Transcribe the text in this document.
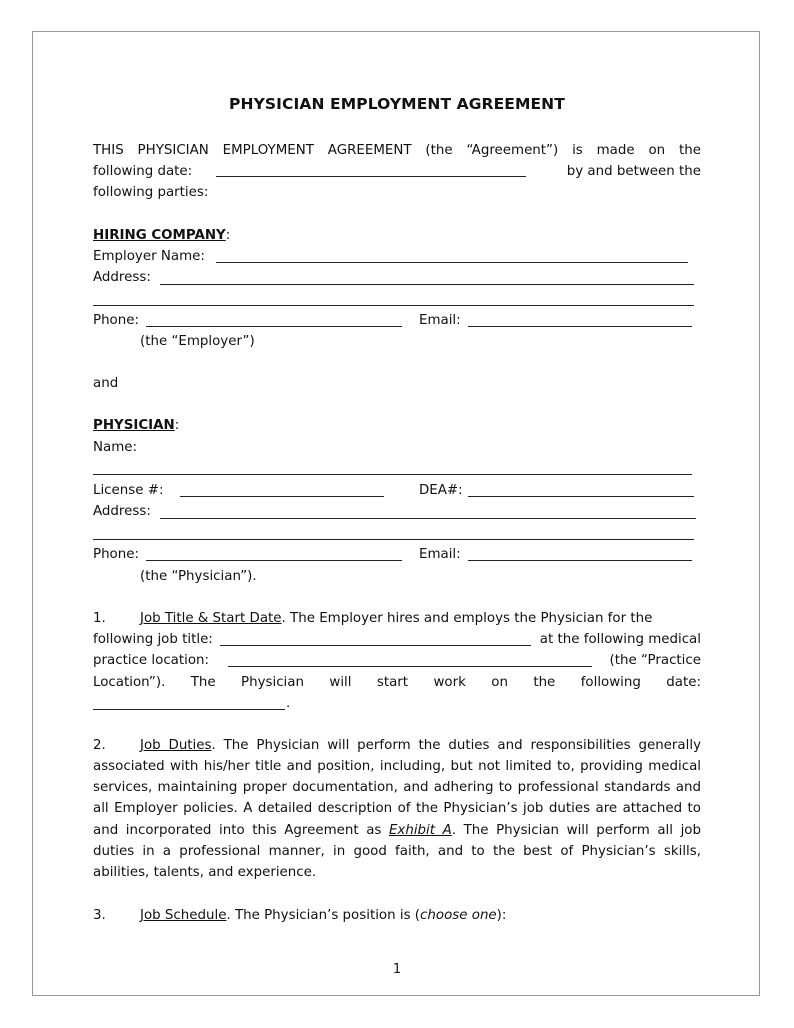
PHYSICIAN EMPLOYMENT AGREEMENT
THIS PHYSICIAN EMPLOYMENT AGREEMENT (the “Agreement”) is made on the
following date:	by and between the
following parties:
HIRING COMPANY:
Employer Name:
Address:
Phone:	Email:
(the “Employer”)
and
PHYSICIAN:
Name:
License #:	DEA#:
Address:
Phone:	Email:
(the “Physician”).
1.	Job Title & Start Date. The Employer hires and employs the Physician for the
following job title:	at the following medical
practice location:	(the “Practice
Location”). The Physician will start work on the following date:
.
2.	Job Duties. The Physician will perform the duties and responsibilities generally
associated with his/her title and position, including, but not limited to, providing medical
services, maintaining proper documentation, and adhering to professional standards and
all Employer policies. A detailed description of the Physician’s job duties are attached to
and incorporated into this Agreement as Exhibit A. The Physician will perform all job
duties in a professional manner, in good faith, and to the best of Physician’s skills,
abilities, talents, and experience.
3.	Job Schedule. The Physician’s position is (choose one):
1
